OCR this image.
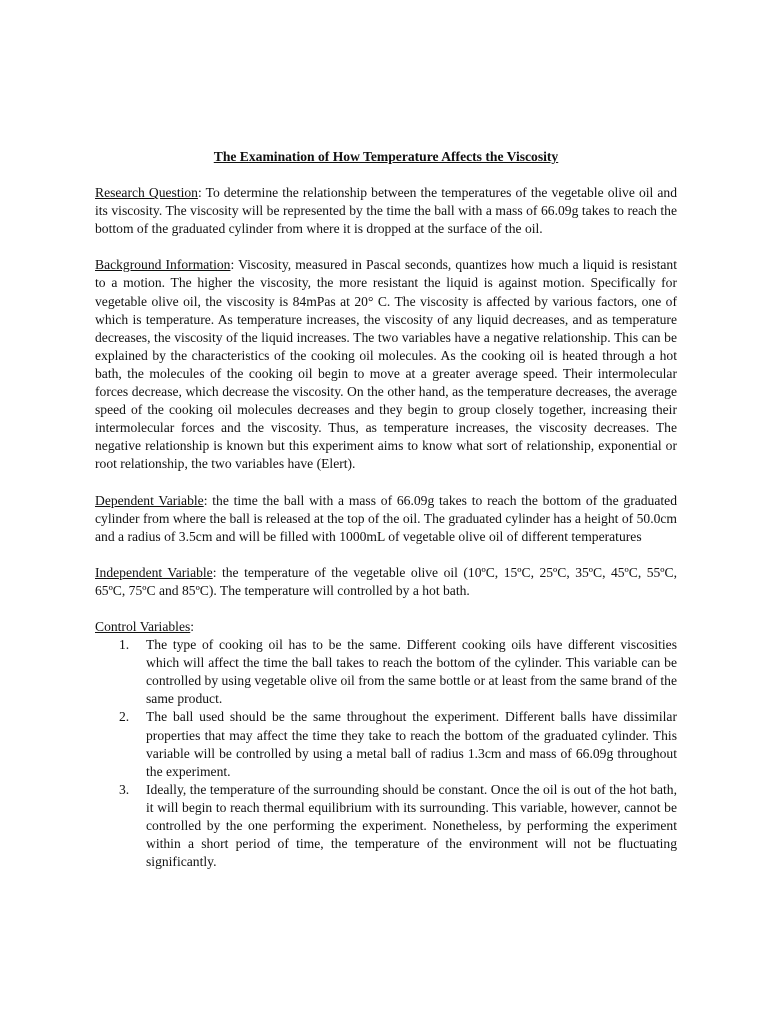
The Examination of How Temperature Affects the Viscosity

Research Question: To determine the relationship between the temperatures of the vegetable olive oil and its viscosity. The viscosity will be represented by the time the ball with a mass of 66.09g takes to reach the bottom of the graduated cylinder from where it is dropped at the surface of the oil.

Background Information: Viscosity, measured in Pascal seconds, quantizes how much a liquid is resistant to a motion. The higher the viscosity, the more resistant the liquid is against motion. Specifically for vegetable olive oil, the viscosity is 84mPas at 20° C. The viscosity is affected by various factors, one of which is temperature. As temperature increases, the viscosity of any liquid decreases, and as temperature decreases, the viscosity of the liquid increases. The two variables have a negative relationship. This can be explained by the characteristics of the cooking oil molecules. As the cooking oil is heated through a hot bath, the molecules of the cooking oil begin to move at a greater average speed. Their intermolecular forces decrease, which decrease the viscosity. On the other hand, as the temperature decreases, the average speed of the cooking oil molecules decreases and they begin to group closely together, increasing their intermolecular forces and the viscosity. Thus, as temperature increases, the viscosity decreases. The negative relationship is known but this experiment aims to know what sort of relationship, exponential or root relationship, the two variables have (Elert).

Dependent Variable: the time the ball with a mass of 66.09g takes to reach the bottom of the graduated cylinder from where the ball is released at the top of the oil. The graduated cylinder has a height of 50.0cm and a radius of 3.5cm and will be filled with 1000mL of vegetable olive oil of different temperatures

Independent Variable: the temperature of the vegetable olive oil (10ºC, 15ºC, 25ºC, 35ºC, 45ºC, 55ºC, 65ºC, 75ºC and 85ºC). The temperature will controlled by a hot bath.

Control Variables:
1. The type of cooking oil has to be the same. Different cooking oils have different viscosities which will affect the time the ball takes to reach the bottom of the cylinder. This variable can be controlled by using vegetable olive oil from the same bottle or at least from the same brand of the same product.
2. The ball used should be the same throughout the experiment. Different balls have dissimilar properties that may affect the time they take to reach the bottom of the graduated cylinder. This variable will be controlled by using a metal ball of radius 1.3cm and mass of 66.09g throughout the experiment.
3. Ideally, the temperature of the surrounding should be constant. Once the oil is out of the hot bath, it will begin to reach thermal equilibrium with its surrounding. This variable, however, cannot be controlled by the one performing the experiment. Nonetheless, by performing the experiment within a short period of time, the temperature of the environment will not be fluctuating significantly.
